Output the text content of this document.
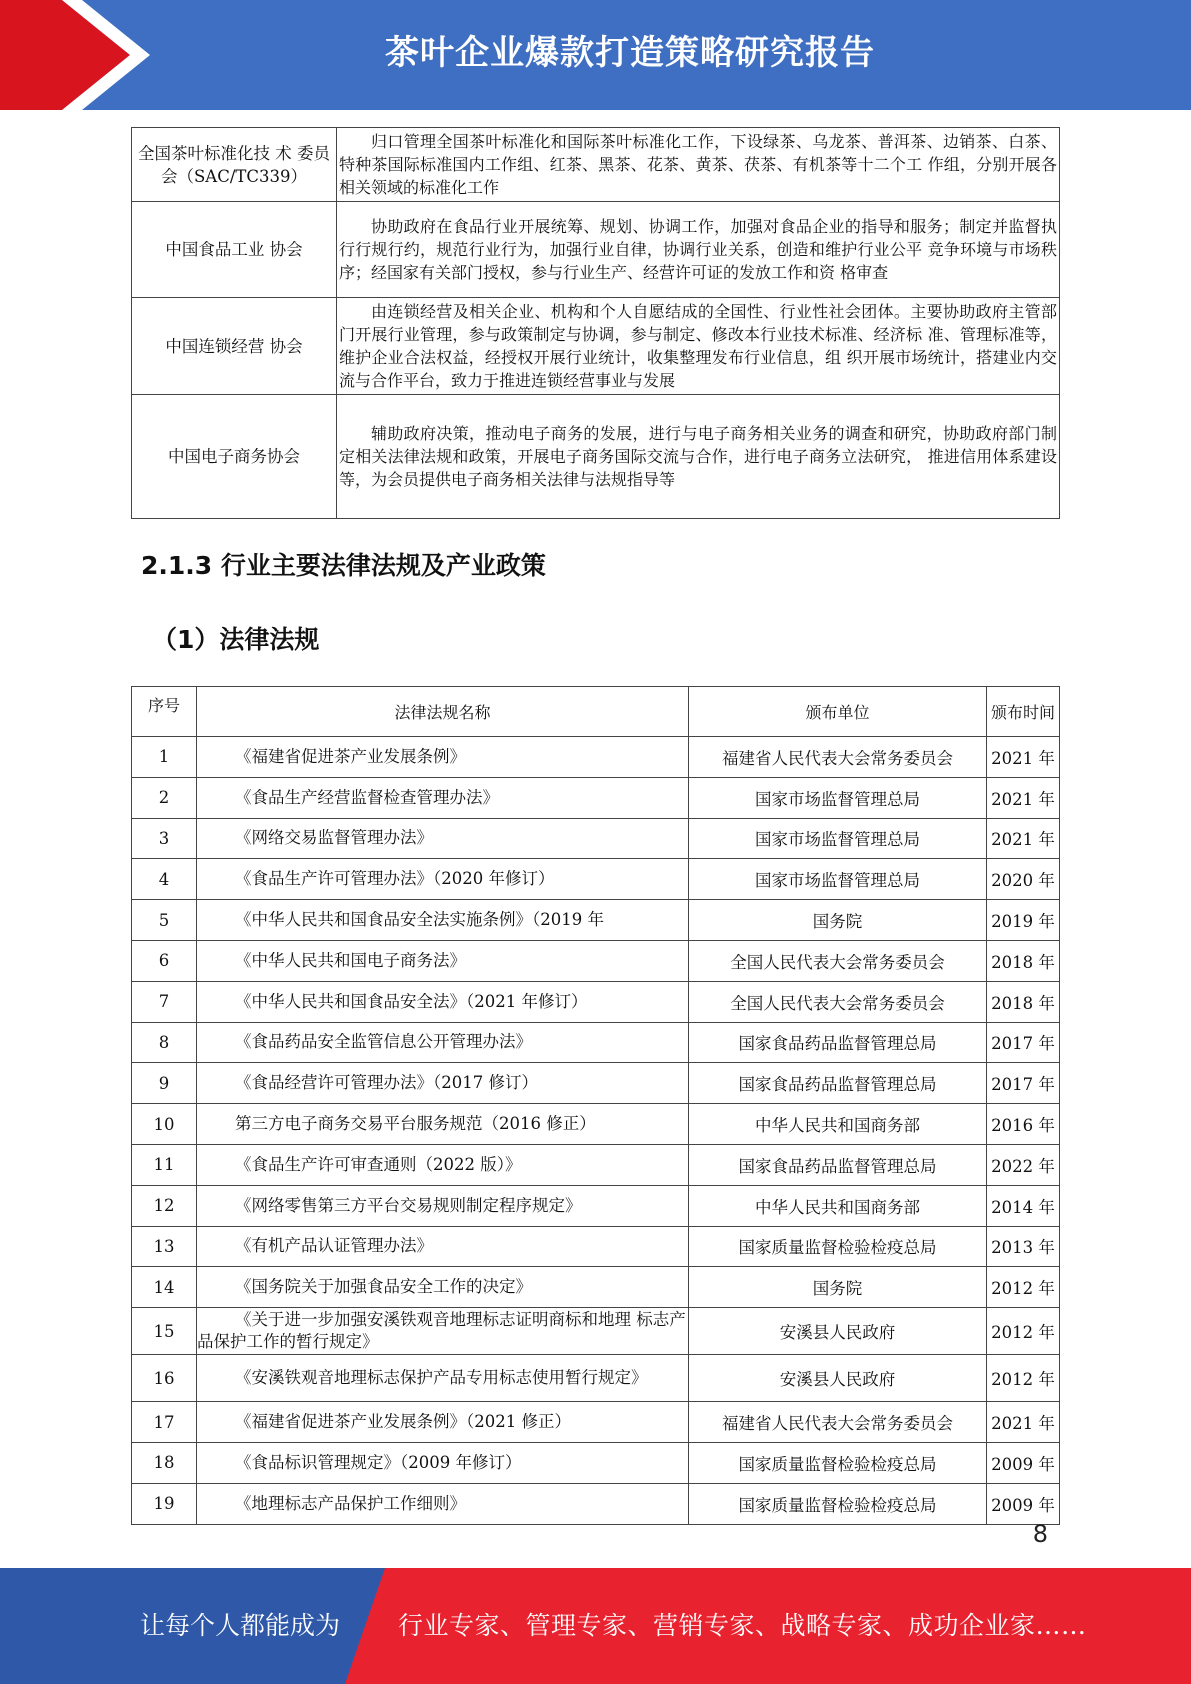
茶叶企业爆款打造策略研究报告
全国茶叶标准化技 术 委员会（SAC/TC339）	归口管理全国茶叶标准化和国际茶叶标准化工作，下设绿茶、乌龙茶、普洱茶、边销茶、白茶、特种茶国际标准国内工作组、红茶、黑茶、花茶、黄茶、茯茶、有机茶等十二个工 作组，分别开展各相关领域的标准化工作
中国食品工业 协会	协助政府在食品行业开展统筹、规划、协调工作，加强对食品企业的指导和服务；制定并监督执行行规行约，规范行业行为，加强行业自律，协调行业关系，创造和维护行业公平 竞争环境与市场秩序；经国家有关部门授权，参与行业生产、经营许可证的发放工作和资 格审查
中国连锁经营 协会	由连锁经营及相关企业、机构和个人自愿结成的全国性、行业性社会团体。主要协助政府主管部门开展行业管理，参与政策制定与协调，参与制定、修改本行业技术标准、经济标 准、管理标准等，维护企业合法权益，经授权开展行业统计，收集整理发布行业信息，组 织开展市场统计，搭建业内交流与合作平台，致力于推进连锁经营事业与发展
中国电子商务协会	辅助政府决策，推动电子商务的发展，进行与电子商务相关业务的调查和研究，协助政府部门制定相关法律法规和政策，开展电子商务国际交流与合作，进行电子商务立法研究， 推进信用体系建设等，为会员提供电子商务相关法律与法规指导等
2.1.3 行业主要法律法规及产业政策
（1）法律法规
序号	法律法规名称	颁布单位	颁布时间
1	《福建省促进茶产业发展条例》	福建省人民代表大会常务委员会	2021 年
2	《食品生产经营监督检查管理办法》	国家市场监督管理总局	2021 年
3	《网络交易监督管理办法》	国家市场监督管理总局	2021 年
4	《食品生产许可管理办法》（2020 年修订）	国家市场监督管理总局	2020 年
5	《中华人民共和国食品安全法实施条例》（2019 年	国务院	2019 年
6	《中华人民共和国电子商务法》	全国人民代表大会常务委员会	2018 年
7	《中华人民共和国食品安全法》（2021 年修订）	全国人民代表大会常务委员会	2018 年
8	《食品药品安全监管信息公开管理办法》	国家食品药品监督管理总局	2017 年
9	《食品经营许可管理办法》（2017 修订）	国家食品药品监督管理总局	2017 年
10	第三方电子商务交易平台服务规范（2016 修正）	中华人民共和国商务部	2016 年
11	《食品生产许可审查通则（2022 版）》	国家食品药品监督管理总局	2022 年
12	《网络零售第三方平台交易规则制定程序规定》	中华人民共和国商务部	2014 年
13	《有机产品认证管理办法》	国家质量监督检验检疫总局	2013 年
14	《国务院关于加强食品安全工作的决定》	国务院	2012 年
15	《关于进一步加强安溪铁观音地理标志证明商标和地理 标志产品保护工作的暂行规定》	安溪县人民政府	2012 年
16	《安溪铁观音地理标志保护产品专用标志使用暂行规定》	安溪县人民政府	2012 年
17	《福建省促进茶产业发展条例》（2021 修正）	福建省人民代表大会常务委员会	2021 年
18	《食品标识管理规定》（2009 年修订）	国家质量监督检验检疫总局	2009 年
19	《地理标志产品保护工作细则》	国家质量监督检验检疫总局	2009 年
8
让每个人都能成为 行业专家、管理专家、营销专家、战略专家、成功企业家……
